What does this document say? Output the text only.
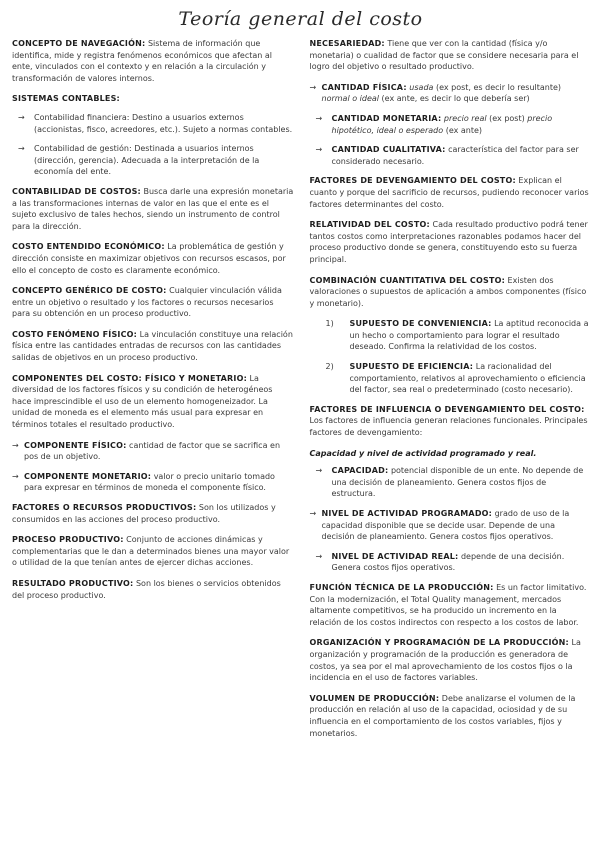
Teoría general del costo

CONCEPTO DE NAVEGACIÓN: Sistema de información que identifica, mide y registra fenómenos económicos que afectan al ente, vinculados con el contexto y en relación a la circulación y transformación de valores internos.

SISTEMAS CONTABLES:

→ Contabilidad financiera: Destino a usuarios externos (accionistas, fisco, acreedores, etc.). Sujeto a normas contables.
→ Contabilidad de gestión: Destinada a usuarios internos (dirección, gerencia). Adecuada a la interpretación de la economía del ente.

CONTABILIDAD DE COSTOS: Busca darle una expresión monetaria a las transformaciones internas de valor en las que el ente es el sujeto exclusivo de tales hechos, siendo un instrumento de control para la dirección.

COSTO ENTENDIDO ECONÓMICO: La problemática de gestión y dirección consiste en maximizar objetivos con recursos escasos, por ello el concepto de costo es claramente económico.

CONCEPTO GENÉRICO DE COSTO: Cualquier vinculación válida entre un objetivo o resultado y los factores o recursos necesarios para su obtención en un proceso productivo.

COSTO FENÓMENO FÍSICO: La vinculación constituye una relación física entre las cantidades entradas de recursos con las cantidades salidas de objetivos en un proceso productivo.

COMPONENTES DEL COSTO: FÍSICO Y MONETARIO: La diversidad de los factores físicos y su condición de heterogéneos hace imprescindible el uso de un elemento homogeneizador. La unidad de moneda es el elemento más usual para expresar en términos totales el resultado productivo.

→ COMPONENTE FÍSICO: cantidad de factor que se sacrifica en pos de un objetivo.
→ COMPONENTE MONETARIO: valor o precio unitario tomado para expresar en términos de moneda el componente físico.

FACTORES O RECURSOS PRODUCTIVOS: Son los utilizados y consumidos en las acciones del proceso productivo.

PROCESO PRODUCTIVO: Conjunto de acciones dinámicas y complementarias que le dan a determinados bienes una mayor valor o utilidad de la que tenían antes de ejercer dichas acciones.

RESULTADO PRODUCTIVO: Son los bienes o servicios obtenidos del proceso productivo.

NECESARIEDAD: Tiene que ver con la cantidad (física y/o monetaria) o cualidad de factor que se considere necesaria para el logro del objetivo o resultado productivo.

→ CANTIDAD FÍSICA: usada (ex post, es decir lo resultante) normal o ideal (ex ante, es decir lo que debería ser)
→ CANTIDAD MONETARIA: precio real (ex post) precio hipotético, ideal o esperado (ex ante)
→ CANTIDAD CUALITATIVA: característica del factor para ser considerado necesario.

FACTORES DE DEVENGAMIENTO DEL COSTO: Explican el cuanto y porque del sacrificio de recursos, pudiendo reconocer varios factores determinantes del costo.

RELATIVIDAD DEL COSTO: Cada resultado productivo podrá tener tantos costos como interpretaciones razonables podamos hacer del proceso productivo donde se genera, constituyendo esto su fuerza principal.

COMBINACIÓN CUANTITATIVA DEL COSTO: Existen dos valoraciones o supuestos de aplicación a ambos componentes (físico y monetario).

1) SUPUESTO DE CONVENIENCIA: La aptitud reconocida a un hecho o comportamiento para lograr el resultado deseado. Confirma la relatividad de los costos.
2) SUPUESTO DE EFICIENCIA: La racionalidad del comportamiento, relativos al aprovechamiento o eficiencia del factor, sea real o predeterminado (costo necesario).

FACTORES DE INFLUENCIA O DEVENGAMIENTO DEL COSTO: Los factores de influencia generan relaciones funcionales. Principales factores de devengamiento:

Capacidad y nivel de actividad programado y real.

→ CAPACIDAD: potencial disponible de un ente. No depende de una decisión de planeamiento. Genera costos fijos de estructura.
→ NIVEL DE ACTIVIDAD PROGRAMADO: grado de uso de la capacidad disponible que se decide usar. Depende de una decisión de planeamiento. Genera costos fijos operativos.
→ NIVEL DE ACTIVIDAD REAL: depende de una decisión. Genera costos fijos operativos.

FUNCIÓN TÉCNICA DE LA PRODUCCIÓN: Es un factor limitativo. Con la modernización, el Total Quality management, mercados altamente competitivos, se ha producido un incremento en la relación de los costos indirectos con respecto a los costos de labor.

ORGANIZACIÓN Y PROGRAMACIÓN DE LA PRODUCCIÓN: La organización y programación de la producción es generadora de costos, ya sea por el mal aprovechamiento de los costos fijos o la incidencia en el uso de factores variables.

VOLUMEN DE PRODUCCIÓN: Debe analizarse el volumen de la producción en relación al uso de la capacidad, ociosidad y de su influencia en el comportamiento de los costos variables, fijos y monetarios.
